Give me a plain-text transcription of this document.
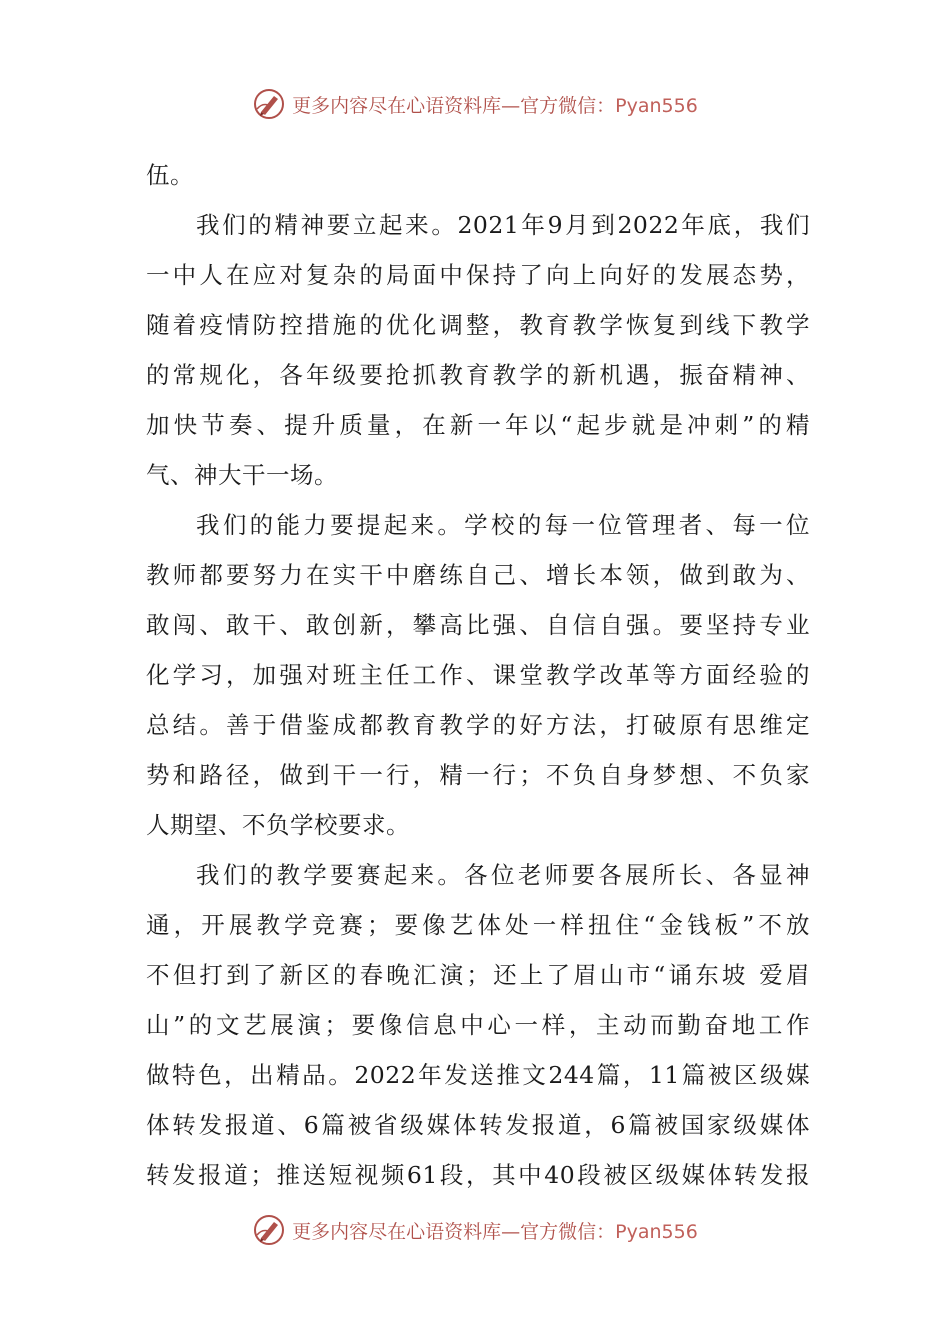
更多内容尽在心语资料库—官方微信：Pyan556
伍。
我们的精神要立起来。2021年9月到2022年底，我们
一中人在应对复杂的局面中保持了向上向好的发展态势，
随着疫情防控措施的优化调整，教育教学恢复到线下教学
的常规化，各年级要抢抓教育教学的新机遇，振奋精神、
加快节奏、提升质量，在新一年以“起步就是冲刺”的精
气、神大干一场。
我们的能力要提起来。学校的每一位管理者、每一位
教师都要努力在实干中磨练自己、增长本领，做到敢为、
敢闯、敢干、敢创新，攀高比强、自信自强。要坚持专业
化学习，加强对班主任工作、课堂教学改革等方面经验的
总结。善于借鉴成都教育教学的好方法，打破原有思维定
势和路径，做到干一行，精一行；不负自身梦想、不负家
人期望、不负学校要求。
我们的教学要赛起来。各位老师要各展所长、各显神
通，开展教学竞赛；要像艺体处一样扭住“金钱板”不放
不但打到了新区的春晚汇演；还上了眉山市“诵东坡 爱眉
山”的文艺展演；要像信息中心一样，主动而勤奋地工作
做特色，出精品。2022年发送推文244篇，11篇被区级媒
体转发报道、6篇被省级媒体转发报道，6篇被国家级媒体
转发报道；推送短视频61段，其中40段被区级媒体转发报
更多内容尽在心语资料库—官方微信：Pyan556
